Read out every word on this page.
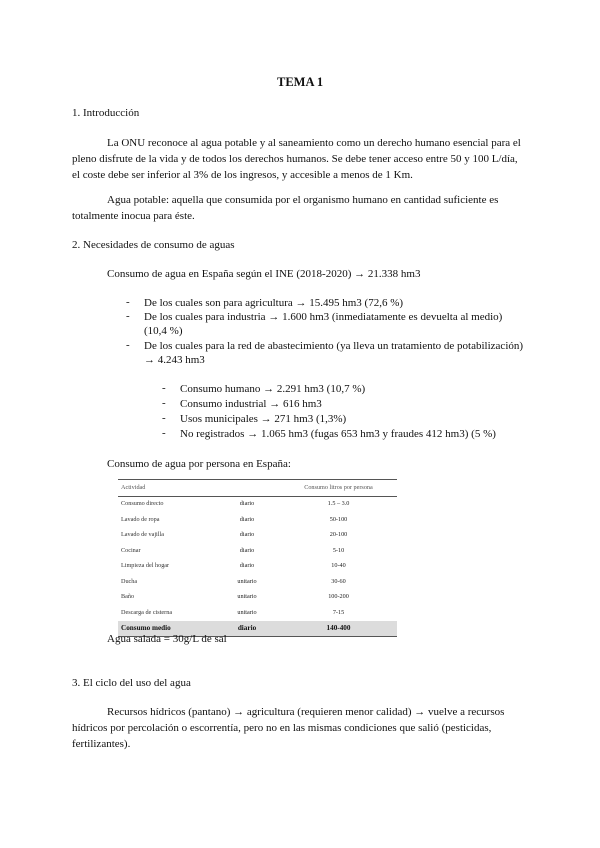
TEMA 1
1. Introducción
La ONU reconoce al agua potable y al saneamiento como un derecho humano esencial para el
pleno disfrute de la vida y de todos los derechos humanos. Se debe tener acceso entre 50 y 100 L/día,
el coste debe ser inferior al 3% de los ingresos, y accesible a menos de 1 Km.
Agua potable: aquella que consumida por el organismo humano en cantidad suficiente es
totalmente inocua para éste.
2. Necesidades de consumo de aguas
Consumo de agua en España según el INE (2018-2020) → 21.338 hm3
- De los cuales son para agricultura → 15.495 hm3 (72,6 %)
- De los cuales para industria → 1.600 hm3 (inmediatamente es devuelta al medio)
(10,4 %)
- De los cuales para la red de abastecimiento (ya lleva un tratamiento de potabilización)
→ 4.243 hm3
- Consumo humano → 2.291 hm3 (10,7 %)
- Consumo industrial → 616 hm3
- Usos municipales → 271 hm3 (1,3%)
- No registrados → 1.065 hm3 (fugas 653 hm3 y fraudes 412 hm3) (5 %)
Consumo de agua por persona en España:
Actividad		Consumo litros por persona
Consumo directo	diario	1.5 – 3.0
Lavado de ropa	diario	50-100
Lavado de vajilla	diario	20-100
Cocinar	diario	5-10
Limpieza del hogar	diario	10-40
Ducha	unitario	30-60
Baño	unitario	100-200
Descarga de cisterna	unitario	7-15
Consumo medio	diario	140-400
Agua salada = 30g/L de sal
3. El ciclo del uso del agua
Recursos hídricos (pantano) → agricultura (requieren menor calidad) → vuelve a recursos
hídricos por percolación o escorrentía, pero no en las mismas condiciones que salió (pesticidas,
fertilizantes).
